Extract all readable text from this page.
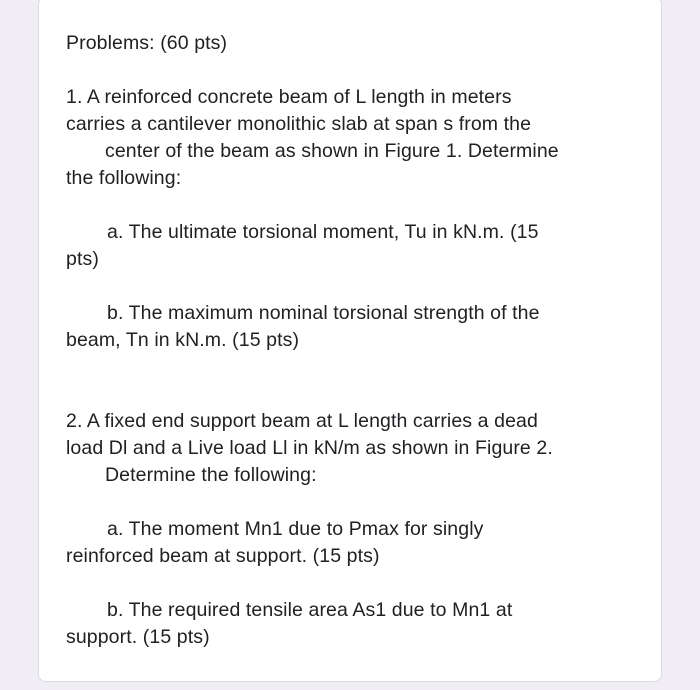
Problems: (60 pts)
1. A reinforced concrete beam of L length in meters
carries a cantilever monolithic slab at span s from the
center of the beam as shown in Figure 1. Determine
the following:
a. The ultimate torsional moment, Tu in kN.m. (15
pts)
b. The maximum nominal torsional strength of the
beam, Tn in kN.m. (15 pts)
2. A fixed end support beam at L length carries a dead
load Dl and a Live load Ll in kN/m as shown in Figure 2.
Determine the following:
a. The moment Mn1 due to Pmax for singly
reinforced beam at support. (15 pts)
b. The required tensile area As1 due to Mn1 at
support. (15 pts)
